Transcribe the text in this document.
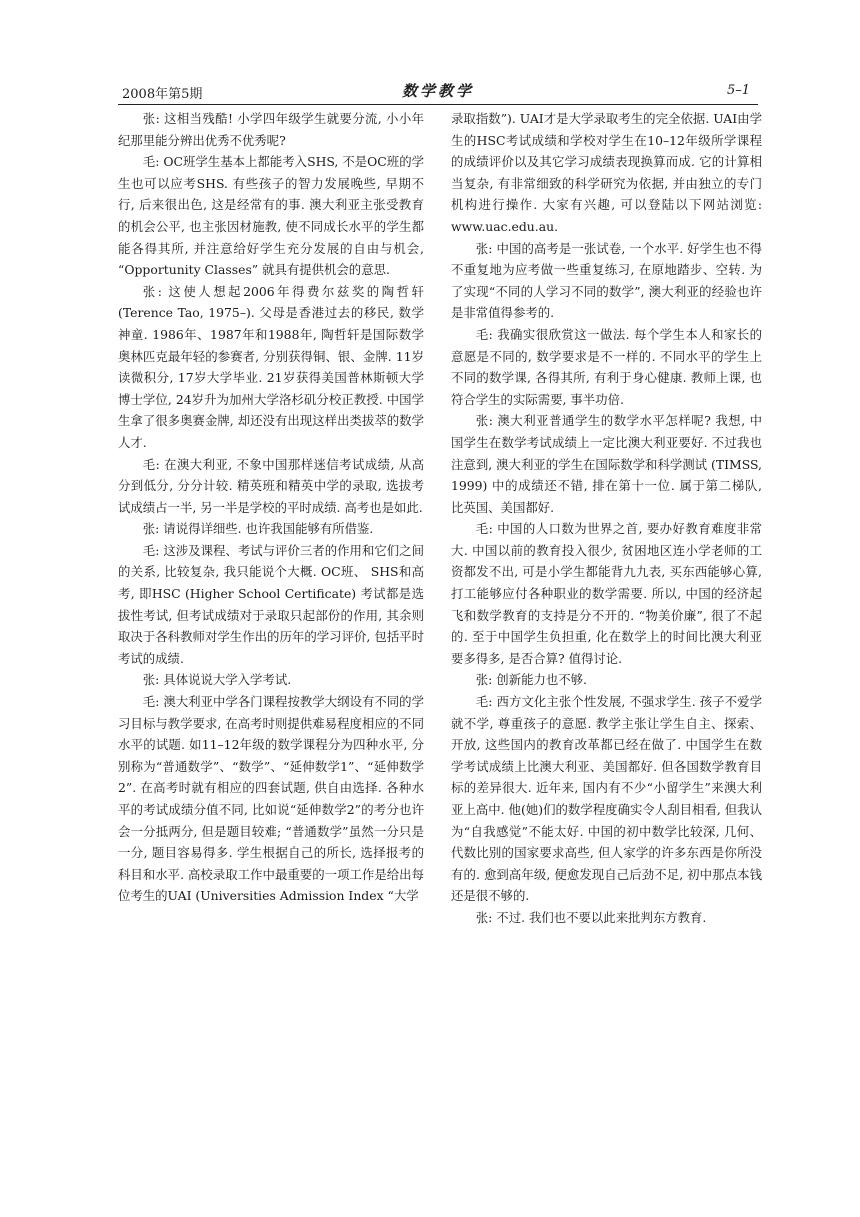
2008年第5期	数学教学	5–1

张: 这相当残酷! 小学四年级学生就要分流, 小小年纪那里能分辨出优秀不优秀呢?

毛: OC班学生基本上都能考入SHS, 不是OC班的学生也可以应考SHS. 有些孩子的智力发展晚些, 早期不行, 后来很出色, 这是经常有的事. 澳大利亚主张受教育的机会公平, 也主张因材施教, 使不同成长水平的学生都能各得其所, 并注意给好学生充分发展的自由与机会, “Opportunity Classes” 就具有提供机会的意思.

张: 这使人想起2006年得费尔兹奖的陶哲轩 (Terence Tao, 1975–). 父母是香港过去的移民, 数学神童. 1986年、1987年和1988年, 陶哲轩是国际数学奥林匹克最年轻的参赛者, 分别获得铜、银、金牌. 11岁读微积分, 17岁大学毕业. 21岁获得美国普林斯顿大学博士学位, 24岁升为加州大学洛杉矶分校正教授. 中国学生拿了很多奥赛金牌, 却还没有出现这样出类拔萃的数学人才.

毛: 在澳大利亚, 不象中国那样迷信考试成绩, 从高分到低分, 分分计较. 精英班和精英中学的录取, 选拔考试成绩占一半, 另一半是学校的平时成绩. 高考也是如此.

张: 请说得详细些. 也许我国能够有所借鉴.

毛: 这涉及课程、考试与评价三者的作用和它们之间的关系, 比较复杂, 我只能说个大概. OC班、 SHS和高考, 即HSC (Higher School Certificate) 考试都是选拔性考试, 但考试成绩对于录取只起部份的作用, 其余则取决于各科教师对学生作出的历年的学习评价, 包括平时考试的成绩.

张: 具体说说大学入学考试.

毛: 澳大利亚中学各门课程按教学大纲设有不同的学习目标与教学要求, 在高考时则提供难易程度相应的不同水平的试题. 如11–12年级的数学课程分为四种水平, 分别称为“普通数学”、“数学”、“延伸数学1”、“延伸数学2”. 在高考时就有相应的四套试题, 供自由选择. 各种水平的考试成绩分值不同, 比如说“延伸数学2”的考分也许会一分抵两分, 但是题目较难; “普通数学”虽然一分只是一分, 题目容易得多. 学生根据自己的所长, 选择报考的科目和水平. 高校录取工作中最重要的一项工作是给出每位考生的UAI (Universities Admission Index “大学

录取指数”). UAI才是大学录取考生的完全依据. UAI由学生的HSC考试成绩和学校对学生在10–12年级所学课程的成绩评价以及其它学习成绩表现换算而成. 它的计算相当复杂, 有非常细致的科学研究为依据, 并由独立的专门机构进行操作. 大家有兴趣, 可以登陆以下网站浏览: www.uac.edu.au.

张: 中国的高考是一张试卷, 一个水平. 好学生也不得不重复地为应考做一些重复练习, 在原地踏步、空转. 为了实现“不同的人学习不同的数学”, 澳大利亚的经验也许是非常值得参考的.

毛: 我确实很欣赏这一做法. 每个学生本人和家长的意愿是不同的, 数学要求是不一样的. 不同水平的学生上不同的数学课, 各得其所, 有利于身心健康. 教师上课, 也符合学生的实际需要, 事半功倍.

张: 澳大利亚普通学生的数学水平怎样呢? 我想, 中国学生在数学考试成绩上一定比澳大利亚要好. 不过我也注意到, 澳大利亚的学生在国际数学和科学测试 (TIMSS, 1999) 中的成绩还不错, 排在第十一位. 属于第二梯队, 比英国、美国都好.

毛: 中国的人口数为世界之首, 要办好教育难度非常大. 中国以前的教育投入很少, 贫困地区连小学老师的工资都发不出, 可是小学生都能背九九表, 买东西能够心算, 打工能够应付各种职业的数学需要. 所以, 中国的经济起飞和数学教育的支持是分不开的. “物美价廉”, 很了不起的. 至于中国学生负担重, 化在数学上的时间比澳大利亚要多得多, 是否合算? 值得讨论.

张: 创新能力也不够.

毛: 西方文化主张个性发展, 不强求学生. 孩子不爱学就不学, 尊重孩子的意愿. 教学主张让学生自主、探索、开放, 这些国内的教育改革都已经在做了. 中国学生在数学考试成绩上比澳大利亚、美国都好. 但各国数学教育目标的差异很大. 近年来, 国内有不少“小留学生”来澳大利亚上高中. 他(她)们的数学程度确实令人刮目相看, 但我认为“自我感觉”不能太好. 中国的初中数学比较深, 几何、代数比别的国家要求高些, 但人家学的许多东西是你所没有的. 愈到高年级, 便愈发现自己后劲不足, 初中那点本钱还是很不够的.

张: 不过. 我们也不要以此来批判东方教育.
